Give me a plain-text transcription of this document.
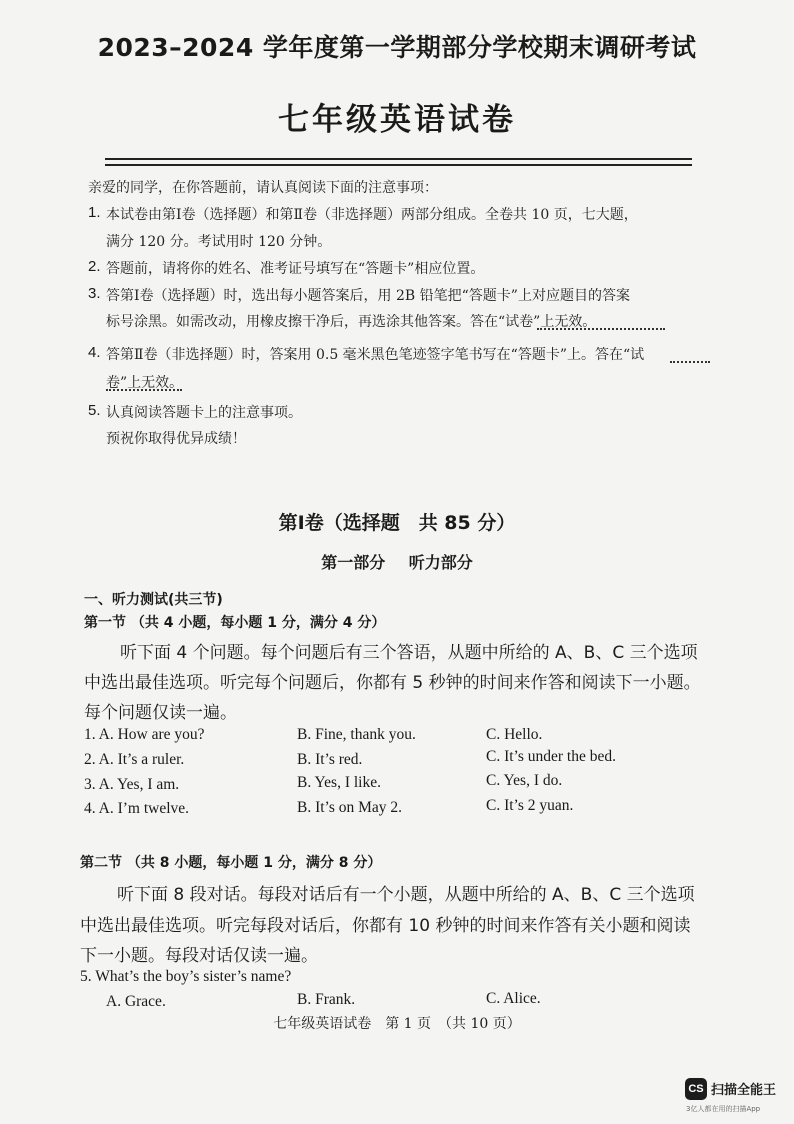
2023–2024 学年度第一学期部分学校期末调研考试
七年级英语试卷
亲爱的同学，在你答题前，请认真阅读下面的注意事项：
1. 本试卷由第Ⅰ卷（选择题）和第Ⅱ卷（非选择题）两部分组成。全卷共 10 页，七大题，
满分 120 分。考试用时 120 分钟。
2. 答题前，请将你的姓名、准考证号填写在“答题卡”相应位置。
3. 答第Ⅰ卷（选择题）时，选出每小题答案后，用 2B 铅笔把“答题卡”上对应题目的答案
标号涂黑。如需改动，用橡皮擦干净后，再选涂其他答案。答在“试卷”上无效。
4. 答第Ⅱ卷（非选择题）时，答案用 0.5 毫米黑色笔迹签字笔书写在“答题卡”上。答在“试
卷”上无效。
5. 认真阅读答题卡上的注意事项。
预祝你取得优异成绩！
第Ⅰ卷（选择题　共 85 分）
第一部分 听力部分
一、听力测试(共三节)
第一节 （共 4 小题，每小题 1 分，满分 4 分）
听下面 4 个问题。每个问题后有三个答语，从题中所给的 A、B、C 三个选项
中选出最佳选项。听完每个问题后，你都有 5 秒钟的时间来作答和阅读下一小题。
每个问题仅读一遍。
1. A. How are you?	B. Fine, thank you.	C. Hello.
2. A. It’s a ruler.	B. It’s red.	C. It’s under the bed.
3. A. Yes, I am.	B. Yes, I like.	C. Yes, I do.
4. A. I’m twelve.	B. It’s on May 2.	C. It’s 2 yuan.
第二节 （共 8 小题，每小题 1 分，满分 8 分）
听下面 8 段对话。每段对话后有一个小题，从题中所给的 A、B、C 三个选项
中选出最佳选项。听完每段对话后，你都有 10 秒钟的时间来作答有关小题和阅读
下一小题。每段对话仅读一遍。
5. What’s the boy’s sister’s name?
A. Grace.	B. Frank.	C. Alice.
七年级英语试卷　第 1 页　（共 10 页）
CS 扫描全能王
3亿人都在用的扫描App
